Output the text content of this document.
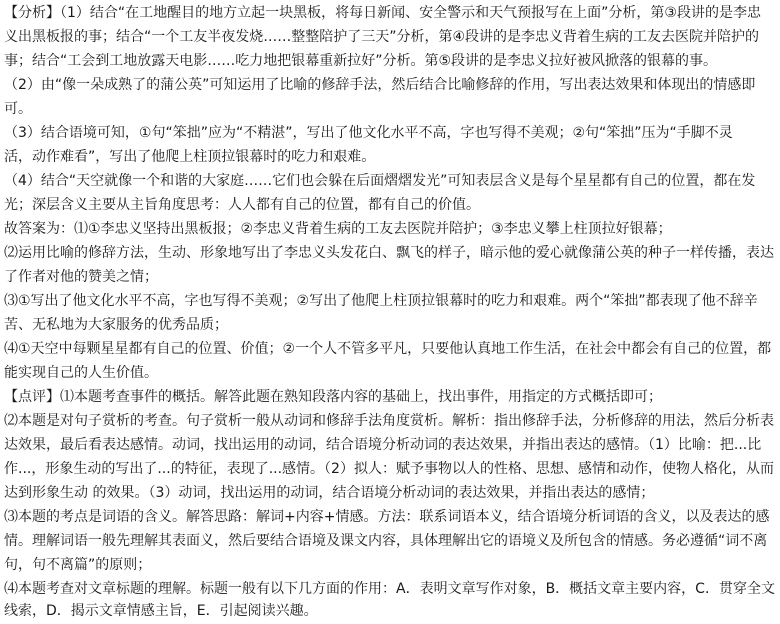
【分析】（1）结合“在工地醒目的地方立起一块黑板，将每日新闻、安全警示和天气预报写在上面”分析，第③段讲的是李忠
义出黑板报的事；结合“一个工友半夜发烧……整整陪护了三天”分析，第④段讲的是李忠义背着生病的工友去医院并陪护的
事；结合“工会到工地放露天电影……吃力地把银幕重新拉好”分析。第⑤段讲的是李忠义拉好被风掀落的银幕的事。
（2）由“像一朵成熟了的蒲公英”可知运用了比喻的修辞手法，然后结合比喻修辞的作用，写出表达效果和体现出的情感即
可。
（3）结合语境可知，①句“笨拙”应为“不精湛”，写出了他文化水平不高，字也写得不美观；②句“笨拙”压为“手脚不灵
活，动作难看”，写出了他爬上柱顶拉银幕时的吃力和艰难。
（4）结合“天空就像一个和谐的大家庭……它们也会躲在后面熠熠发光”可知表层含义是每个星星都有自己的位置，都在发
光；深层含义主要从主旨角度思考：人人都有自己的位置，都有自己的价值。
故答案为：⑴①李忠义坚持出黑板报；②李忠义背着生病的工友去医院并陪护；③李忠义攀上柱顶拉好银幕；
⑵运用比喻的修辞方法，生动、形象地写出了李忠义头发花白、飘飞的样子，暗示他的爱心就像蒲公英的种子一样传播，表达
了作者对他的赞美之情；
⑶①写出了他文化水平不高，字也写得不美观；②写出了他爬上柱顶拉银幕时的吃力和艰难。两个“笨拙”都表现了他不辞辛
苦、无私地为大家服务的优秀品质；
⑷①天空中每颗星星都有自己的位置、价值；②一个人不管多平凡，只要他认真地工作生活，在社会中都会有自己的位置，都
能实现自己的人生价值。
【点评】⑴本题考查事件的概括。解答此题在熟知段落内容的基础上，找出事件，用指定的方式概括即可；
⑵本题是对句子赏析的考查。句子赏析一般从动词和修辞手法角度赏析。解析：指出修辞手法，分析修辞的用法，然后分析表
达效果，最后看表达感情。动词，找出运用的动词，结合语境分析动词的表达效果，并指出表达的感情。（1）比喻：把...比
作...，形象生动的写出了...的特征，表现了...感情。（2）拟人：赋予事物以人的性格、思想、感情和动作，使物人格化，从而
达到形象生动 的效果。（3）动词，找出运用的动词，结合语境分析动词的表达效果，并指出表达的感情；
⑶本题的考点是词语的含义。解答思路：解词+内容+情感。方法：联系词语本义，结合语境分析词语的含义，以及表达的感
情。理解词语一般先理解其表面义，然后要结合语境及课文内容，具体理解出它的语境义及所包含的情感。务必遵循“词不离
句，句不离篇”的原则；
⑷本题考查对文章标题的理解。标题一般有以下几方面的作用：A．表明文章写作对象，B．概括文章主要内容，C．贯穿全文
线索，D．揭示文章情感主旨，E．引起阅读兴趣。
